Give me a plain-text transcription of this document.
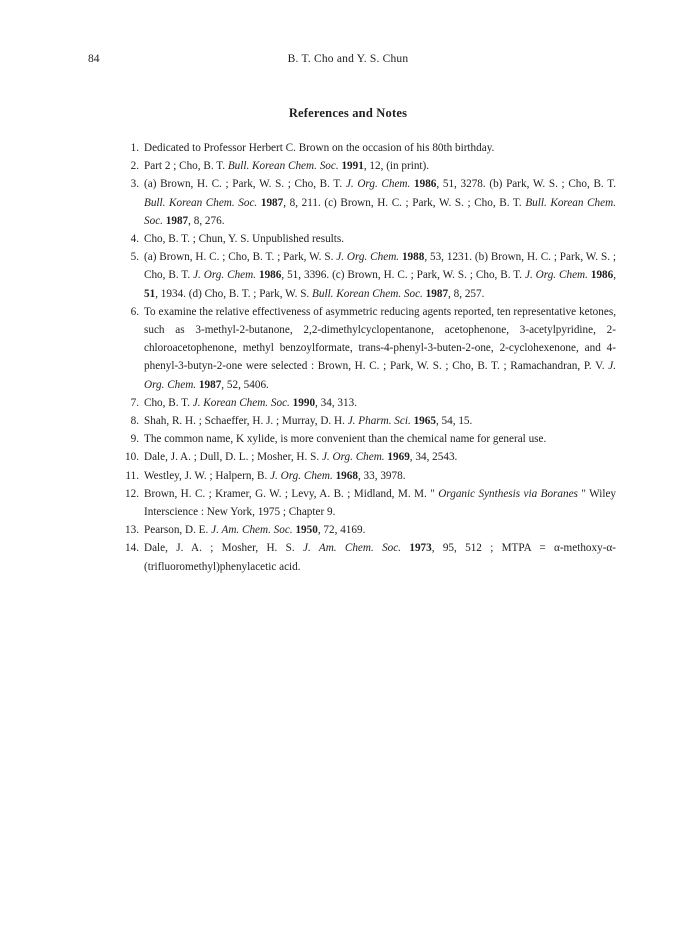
84	B. T. Cho and Y. S. Chun
References and Notes
1. Dedicated to Professor Herbert C. Brown on the occasion of his 80th birthday.
2. Part 2 ; Cho, B. T. Bull. Korean Chem. Soc. 1991, 12, (in print).
3. (a) Brown, H. C. ; Park, W. S. ; Cho, B. T. J. Org. Chem. 1986, 51, 3278. (b) Park, W. S. ; Cho, B. T. Bull. Korean Chem. Soc. 1987, 8, 211. (c) Brown, H. C. ; Park, W. S. ; Cho, B. T. Bull. Korean Chem. Soc. 1987, 8, 276.
4. Cho, B. T. ; Chun, Y. S. Unpublished results.
5. (a) Brown, H. C. ; Cho, B. T. ; Park, W. S. J. Org. Chem. 1988, 53, 1231. (b) Brown, H. C. ; Park, W. S. ; Cho, B. T. J. Org. Chem. 1986, 51, 3396. (c) Brown, H. C. ; Park, W. S. ; Cho, B. T. J. Org. Chem. 1986, 51, 1934. (d) Cho, B. T. ; Park, W. S. Bull. Korean Chem. Soc. 1987, 8, 257.
6. To examine the relative effectiveness of asymmetric reducing agents reported, ten representative ketones, such as 3-methyl-2-butanone, 2,2-dimethylcyclopentanone, acetophenone, 3-acetylpyridine, 2-chloroacetophenone, methyl benzoylformate, trans-4-phenyl-3-buten-2-one, 2-cyclohexenone, and 4-phenyl-3-butyn-2-one were selected : Brown, H. C. ; Park, W. S. ; Cho, B. T. ; Ramachandran, P. V. J. Org. Chem. 1987, 52, 5406.
7. Cho, B. T. J. Korean Chem. Soc. 1990, 34, 313.
8. Shah, R. H. ; Schaeffer, H. J. ; Murray, D. H. J. Pharm. Sci. 1965, 54, 15.
9. The common name, K xylide, is more convenient than the chemical name for general use.
10. Dale, J. A. ; Dull, D. L. ; Mosher, H. S. J. Org. Chem. 1969, 34, 2543.
11. Westley, J. W. ; Halpern, B. J. Org. Chem. 1968, 33, 3978.
12. Brown, H. C. ; Kramer, G. W. ; Levy, A. B. ; Midland, M. M. " Organic Synthesis via Boranes " Wiley Interscience : New York, 1975 ; Chapter 9.
13. Pearson, D. E. J. Am. Chem. Soc. 1950, 72, 4169.
14. Dale, J. A. ; Mosher, H. S. J. Am. Chem. Soc. 1973, 95, 512 ; MTPA = α-methoxy-α-(trifluoromethyl)phenylacetic acid.
